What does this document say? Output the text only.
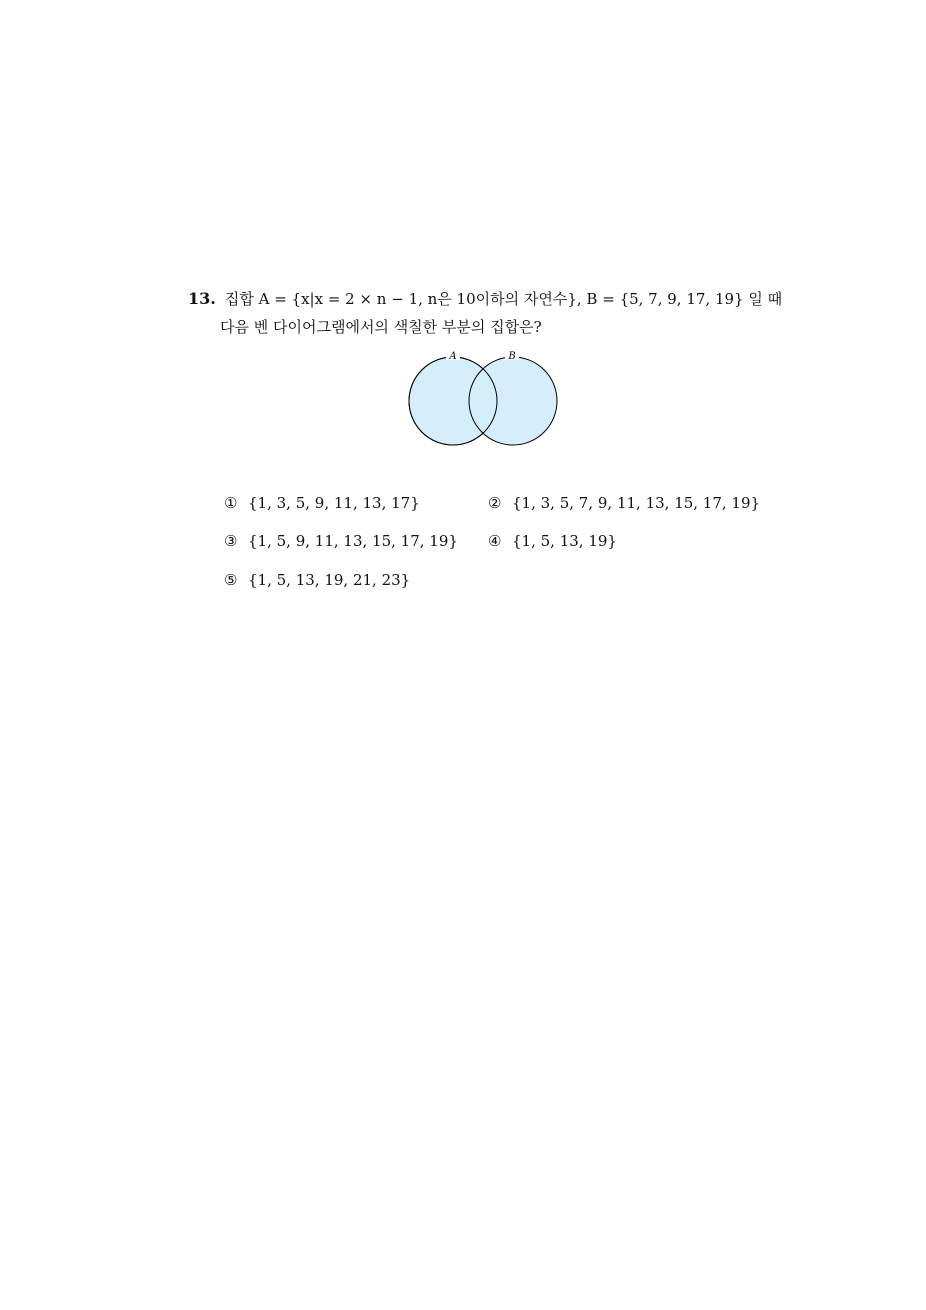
13. 집합 A = {x|x = 2 × n − 1, n은 10이하의 자연수}, B = {5, 7, 9, 17, 19} 일 때
다음 벤 다이어그램에서의 색칠한 부분의 집합은?
A	B
① {1, 3, 5, 9, 11, 13, 17}	② {1, 3, 5, 7, 9, 11, 13, 15, 17, 19}
③ {1, 5, 9, 11, 13, 15, 17, 19} ④ {1, 5, 13, 19}
⑤ {1, 5, 13, 19, 21, 23}
